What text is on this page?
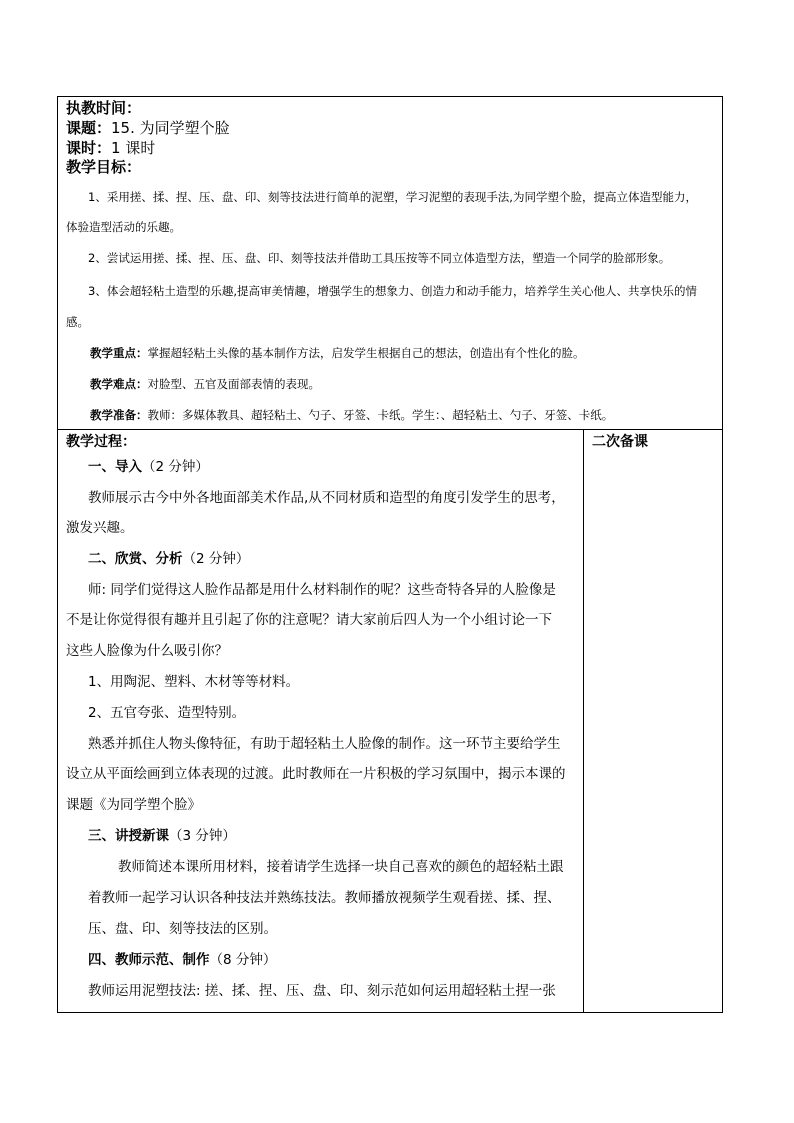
执教时间：
课题：15. 为同学塑个脸
课时：1 课时
教学目标：
1、采用搓、揉、捏、压、盘、印、刻等技法进行简单的泥塑，学习泥塑的表现手法,为同学塑个脸，提高立体造型能力，
体验造型活动的乐趣。
2、尝试运用搓、揉、捏、压、盘、印、刻等技法并借助工具压按等不同立体造型方法，塑造一个同学的脸部形象。
3、体会超轻粘土造型的乐趣,提高审美情趣，增强学生的想象力、创造力和动手能力，培养学生关心他人、共享快乐的情
感。
教学重点：掌握超轻粘土头像的基本制作方法，启发学生根据自己的想法，创造出有个性化的脸。
教学难点：对脸型、五官及面部表情的表现。
教学准备：教师：多媒体教具、超轻粘土、勺子、牙签、卡纸。学生：、超轻粘土、勺子、牙签、卡纸。
教学过程：
一、导入（2 分钟）
教师展示古今中外各地面部美术作品,从不同材质和造型的角度引发学生的思考，
激发兴趣。
二、欣赏、分析（2 分钟）
师: 同学们觉得这人脸作品都是用什么材料制作的呢？这些奇特各异的人脸像是
不是让你觉得很有趣并且引起了你的注意呢？请大家前后四人为一个小组讨论一下
这些人脸像为什么吸引你？
1、用陶泥、塑料、木材等等材料。
2、五官夸张、造型特别。
熟悉并抓住人物头像特征，有助于超轻粘土人脸像的制作。这一环节主要给学生
设立从平面绘画到立体表现的过渡。此时教师在一片积极的学习氛围中，揭示本课的
课题《为同学塑个脸》
三、讲授新课（3 分钟）
教师简述本课所用材料，接着请学生选择一块自己喜欢的颜色的超轻粘土跟
着教师一起学习认识各种技法并熟练技法。教师播放视频学生观看搓、揉、捏、
压、盘、印、刻等技法的区别。
四、教师示范、制作（8 分钟）
教师运用泥塑技法: 搓、揉、捏、压、盘、印、刻示范如何运用超轻粘土捏一张
二次备课
